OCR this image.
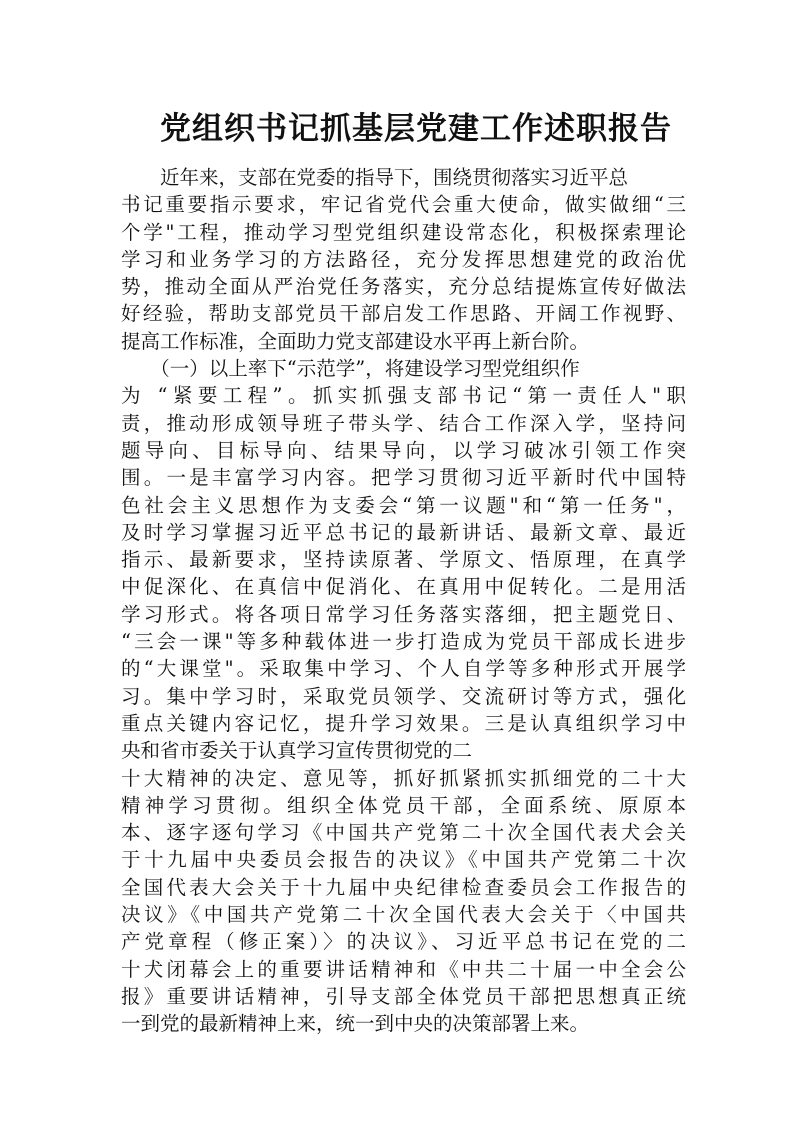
党组织书记抓基层党建工作述职报告
　　近年来，支部在党委的指导下，围绕贯彻落实习近平总
书记重要指示要求，牢记省党代会重大使命，做实做细“三
个学"工程，推动学习型党组织建设常态化，积极探索理论
学习和业务学习的方法路径，充分发挥思想建党的政治优
势，推动全面从严治党任务落实，充分总结提炼宣传好做法
好经验，帮助支部党员干部启发工作思路、开阔工作视野、
提高工作标准，全面助力党支部建设水平再上新台阶。
　　（一）以上率下“示范学”，将建设学习型党组织作
为 “紧要工程”。抓实抓强支部书记“第一责任人"职
责，推动形成领导班子带头学、结合工作深入学，坚持问
题导向、目标导向、结果导向，以学习破冰引领工作突
围。一是丰富学习内容。把学习贯彻习近平新时代中国特
色社会主义思想作为支委会“第一议题"和“第一任务"，
及时学习掌握习近平总书记的最新讲话、最新文章、最近
指示、最新要求，坚持读原著、学原文、悟原理，在真学
中促深化、在真信中促消化、在真用中促转化。二是用活
学习形式。将各项日常学习任务落实落细，把主题党日、
“三会一课"等多种载体进一步打造成为党员干部成长进步
的“大课堂"。采取集中学习、个人自学等多种形式开展学
习。集中学习时，采取党员领学、交流研讨等方式，强化
重点关键内容记忆，提升学习效果。三是认真组织学习中
央和省市委关于认真学习宣传贯彻党的二
十大精神的决定、意见等，抓好抓紧抓实抓细党的二十大
精神学习贯彻。组织全体党员干部，全面系统、原原本
本、逐字逐句学习《中国共产党第二十次全国代表犬会关
于十九届中央委员会报告的决议》《中国共产党第二十次
全国代表大会关于十九届中央纪律检查委员会工作报告的
决议》《中国共产党第二十次全国代表大会关于〈中国共
产党章程（修正案）〉的决议》、习近平总书记在党的二
十犬闭幕会上的重要讲话精神和《中共二十届一中全会公
报》重要讲话精神，引导支部全体党员干部把思想真正统
一到党的最新精神上来，统一到中央的决策部署上来。
